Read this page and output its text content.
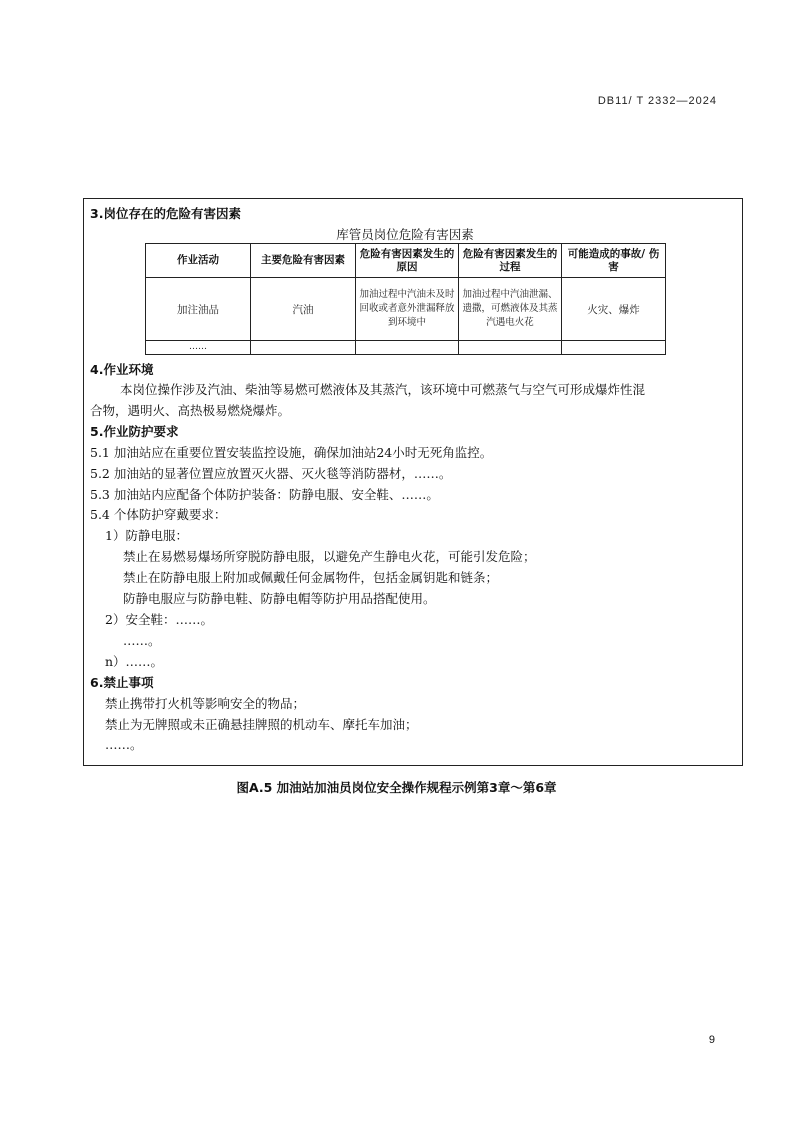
DB11/ T 2332—2024
3.岗位存在的危险有害因素
库管员岗位危险有害因素
作业活动	主要危险有害因素	危险有害因素发生的原因	危险有害因素发生的过程	可能造成的事故/ 伤害
加注油品	汽油	加油过程中汽油未及时回收或者意外泄漏释放到环境中	加油过程中汽油泄漏、遗撒，可燃液体及其蒸汽遇电火花	火灾、爆炸
……				
4.作业环境
本岗位操作涉及汽油、柴油等易燃可燃液体及其蒸汽，该环境中可燃蒸气与空气可形成爆炸性混
合物，遇明火、高热极易燃烧爆炸。
5.作业防护要求
5.1 加油站应在重要位置安装监控设施，确保加油站24小时无死角监控。
5.2 加油站的显著位置应放置灭火器、灭火毯等消防器材，……。
5.3 加油站内应配备个体防护装备：防静电服、安全鞋、……。
5.4 个体防护穿戴要求：
1）防静电服：
禁止在易燃易爆场所穿脱防静电服，以避免产生静电火花，可能引发危险；
禁止在防静电服上附加或佩戴任何金属物件，包括金属钥匙和链条；
防静电服应与防静电鞋、防静电帽等防护用品搭配使用。
2）安全鞋：……。
……。
n）……。
6.禁止事项
禁止携带打火机等影响安全的物品；
禁止为无牌照或未正确悬挂牌照的机动车、摩托车加油；
……。
图A.5 加油站加油员岗位安全操作规程示例第3章～第6章
9
